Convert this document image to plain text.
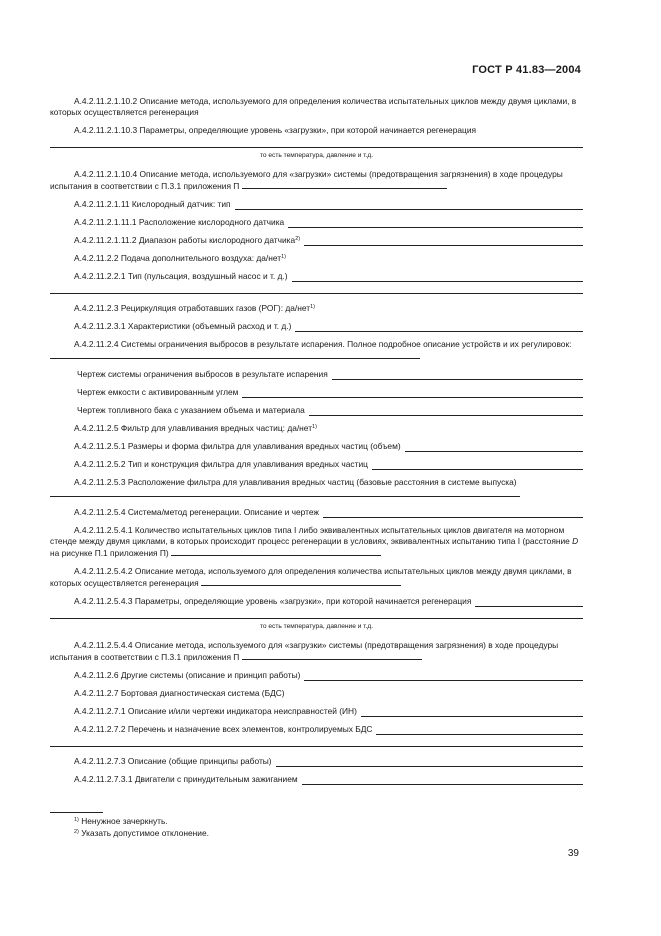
ГОСТ Р 41.83—2004

A.4.2.11.2.1.10.2 Описание метода, используемого для определения количества испытательных циклов между двумя циклами, в которых осуществляется регенерация

A.4.2.11.2.1.10.3 Параметры, определяющие уровень «загрузки», при которой начинается регенерация
то есть температура, давление и т.д.

A.4.2.11.2.1.10.4 Описание метода, используемого для «загрузки» системы (предотвращения загрязнения) в ходе процедуры испытания в соответствии с П.3.1 приложения П

A.4.2.11.2.1.11 Кислородный датчик: тип
A.4.2.11.2.1.11.1 Расположение кислородного датчика
A.4.2.11.2.1.11.2 Диапазон работы кислородного датчика$^{2)}$
A.4.2.11.2.2 Подача дополнительного воздуха: да/нет$^{1)}$
A.4.2.11.2.2.1 Тип (пульсация, воздушный насос и т. д.)
A.4.2.11.2.3 Рециркуляция отработавших газов (РОГ): да/нет$^{1)}$
A.4.2.11.2.3.1 Характеристики (объемный расход и т. д.)

A.4.2.11.2.4 Системы ограничения выбросов в результате испарения. Полное подробное описание устройств и их регулировок:

Чертеж системы ограничения выбросов в результате испарения
Чертеж емкости с активированным углем
Чертеж топливного бака с указанием объема и материала
A.4.2.11.2.5 Фильтр для улавливания вредных частиц: да/нет$^{1)}$
A.4.2.11.2.5.1 Размеры и форма фильтра для улавливания вредных частиц (объем)
A.4.2.11.2.5.2 Тип и конструкция фильтра для улавливания вредных частиц

A.4.2.11.2.5.3 Расположение фильтра для улавливания вредных частиц (базовые расстояния в системе выпуска)

A.4.2.11.2.5.4 Система/метод регенерации. Описание и чертеж

A.4.2.11.2.5.4.1 Количество испытательных циклов типа I либо эквивалентных испытательных циклов двигателя на моторном стенде между двумя циклами, в которых происходит процесс регенерации в условиях, эквивалентных испытанию типа I (расстояние D на рисунке П.1 приложения П)

A.4.2.11.2.5.4.2 Описание метода, используемого для определения количества испытательных циклов между двумя циклами, в которых осуществляется регенерация

A.4.2.11.2.5.4.3 Параметры, определяющие уровень «загрузки», при которой начинается регенерация
то есть температура, давление и т.д.

A.4.2.11.2.5.4.4 Описание метода, используемого для «загрузки» системы (предотвращения загрязнения) в ходе процедуры испытания в соответствии с П.3.1 приложения П

A.4.2.11.2.6 Другие системы (описание и принцип работы)
A.4.2.11.2.7 Бортовая диагностическая система (БДС)
A.4.2.11.2.7.1 Описание и/или чертежи индикатора неисправностей (ИН)
A.4.2.11.2.7.2 Перечень и назначение всех элементов, контролируемых БДС
A.4.2.11.2.7.3 Описание (общие принципы работы)
A.4.2.11.2.7.3.1 Двигатели с принудительным зажиганием
$^{1)}$ Ненужное зачеркнуть.
$^{2)}$ Указать допустимое отклонение.
39
